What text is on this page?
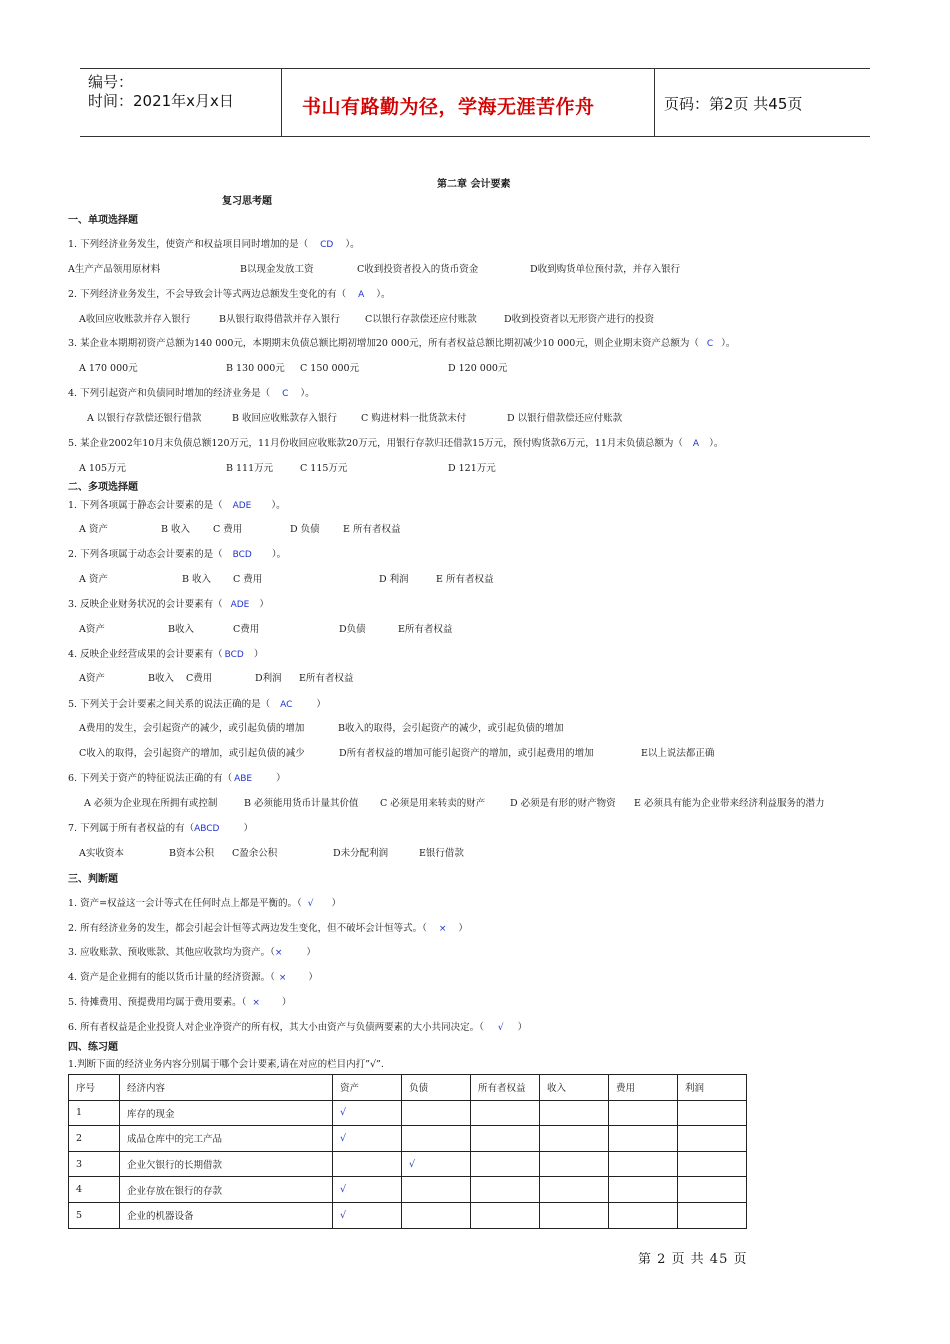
编号：
时间：2021年x月x日	书山有路勤为径，学海无涯苦作舟	页码：第2页 共45页
第二章 会计要素
复习思考题
一、单项选择题
1. 下列经济业务发生，使资产和权益项目同时增加的是（ CD ）。
A生产产品领用原材料	B以现金发放工资	C收到投资者投入的货币资金	D收到购货单位预付款，并存入银行
2. 下列经济业务发生，不会导致会计等式两边总额发生变化的有（ A ）。
A收回应收账款并存入银行	B从银行取得借款并存入银行	C以银行存款偿还应付账款	D收到投资者以无形资产进行的投资
3. 某企业本期期初资产总额为140 000元，本期期末负债总额比期初增加20 000元，所有者权益总额比期初减少10 000元，则企业期末资产总额为（ C ）。
A 170 000元	B 130 000元 C 150 000元	D 120 000元
4. 下列引起资产和负债同时增加的经济业务是（ C ）。
A 以银行存款偿还银行借款	B 收回应收账款存入银行	C 购进材料一批货款未付	D 以银行借款偿还应付账款
5. 某企业2002年10月末负债总额120万元，11月份收回应收账款20万元，用银行存款归还借款15万元，预付购货款6万元，11月末负债总额为（ A ）。
A 105万元	B 111万元	C 115万元	D 121万元
二、多项选择题
1. 下列各项属于静态会计要素的是（ ADE ）。
A 资产	B 收入 C 费用	D 负债 E 所有者权益
2. 下列各项属于动态会计要素的是（ BCD ）。
A 资产	B 收入 C 费用	D 利润	E 所有者权益
3. 反映企业财务状况的会计要素有（ ADE ）
A资产	B收入	C费用	D负债	E所有者权益
4. 反映企业经营成果的会计要素有（ BCD ）
A资产	B收入 C费用	D利润 E所有者权益
5. 下列关于会计要素之间关系的说法正确的是（ AC	）
A费用的发生，会引起资产的减少，或引起负债的增加	B收入的取得，会引起资产的减少，或引起负债的增加
C收入的取得，会引起资产的增加，或引起负债的减少	D所有者权益的增加可能引起资产的增加，或引起费用的增加	E以上说法都正确
6. 下列关于资产的特征说法正确的有（ ABE	）
A 必须为企业现在所拥有或控制	B 必须能用货币计量其价值 C 必须是用来转卖的财产	D 必须是有形的财产物资 E 必须具有能为企业带来经济利益服务的潜力
7. 下列属于所有者权益的有（ABCD	）
A实收资本	B资本公积 C盈余公积	D未分配利润	E银行借款
三、判断题
1. 资产=权益这一会计等式在任何时点上都是平衡的。（ √ ）
2. 所有经济业务的发生，都会引起会计恒等式两边发生变化，但不破坏会计恒等式。（ × ）
3. 应收账款、预收账款、其他应收款均为资产。（×	）
4. 资产是企业拥有的能以货币计量的经济资源。（ × ）
5. 待摊费用、预提费用均属于费用要素。（ × ）
6. 所有者权益是企业投资人对企业净资产的所有权，其大小由资产与负债两要素的大小共同决定。（ √ ）
四、练习题
1.判断下面的经济业务内容分别属于哪个会计要素,请在对应的栏目内打”√”.
序号	经济内容	资产	负债	所有者权益	收入	费用	利润
1	库存的现金	√					
2	成品仓库中的完工产品	√					
3	企业欠银行的长期借款		√				
4	企业存放在银行的存款	√					
5	企业的机器设备	√					
第 2 页 共 45 页
